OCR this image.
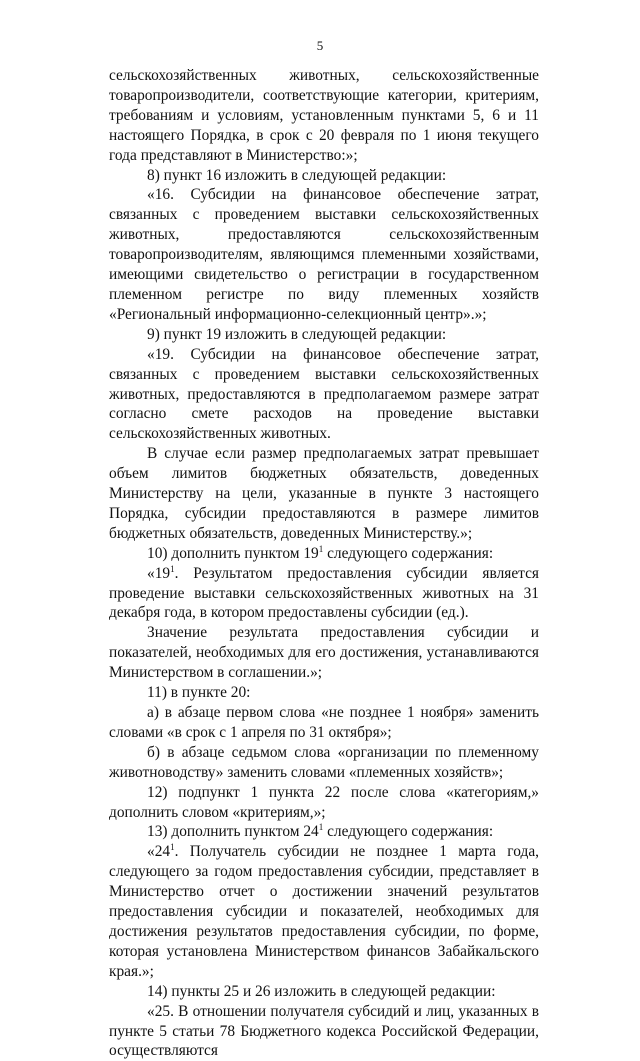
5

сельскохозяйственных животных, сельскохозяйственные товаропроизводители, соответствующие категории, критериям, требованиям и условиям, установленным пунктами 5, 6 и 11 настоящего Порядка, в срок с 20 февраля по 1 июня текущего года представляют в Министерство:»;

8) пункт 16 изложить в следующей редакции:

«16. Субсидии на финансовое обеспечение затрат, связанных с проведением выставки сельскохозяйственных животных, предоставляются сельскохозяйственным товаропроизводителям, являющимся племенными хозяйствами, имеющими свидетельство о регистрации в государственном племенном регистре по виду племенных хозяйств «Региональный информационно-селекционный центр».»;

9) пункт 19 изложить в следующей редакции:

«19. Субсидии на финансовое обеспечение затрат, связанных с проведением выставки сельскохозяйственных животных, предоставляются в предполагаемом размере затрат согласно смете расходов на проведение выставки сельскохозяйственных животных.

В случае если размер предполагаемых затрат превышает объем лимитов бюджетных обязательств, доведенных Министерству на цели, указанные в пункте 3 настоящего Порядка, субсидии предоставляются в размере лимитов бюджетных обязательств, доведенных Министерству.»;

10) дополнить пунктом $19^1$ следующего содержания:

«$19^1$. Результатом предоставления субсидии является проведение выставки сельскохозяйственных животных на 31 декабря года, в котором предоставлены субсидии (ед.).

Значение результата предоставления субсидии и показателей, необходимых для его достижения, устанавливаются Министерством в соглашении.»;

11) в пункте 20:

а) в абзаце первом слова «не позднее 1 ноября» заменить словами «в срок с 1 апреля по 31 октября»;

б) в абзаце седьмом слова «организации по племенному животноводству» заменить словами «племенных хозяйств»;

12) подпункт 1 пункта 22 после слова «категориям,» дополнить словом «критериям,»;

13) дополнить пунктом $24^1$ следующего содержания:

«$24^1$. Получатель субсидии не позднее 1 марта года, следующего за годом предоставления субсидии, представляет в Министерство отчет о достижении значений результатов предоставления субсидии и показателей, необходимых для достижения результатов предоставления субсидии, по форме, которая установлена Министерством финансов Забайкальского края.»;

14) пункты 25 и 26 изложить в следующей редакции:

«25. В отношении получателя субсидий и лиц, указанных в пункте 5 статьи 78 Бюджетного кодекса Российской Федерации, осуществляются
